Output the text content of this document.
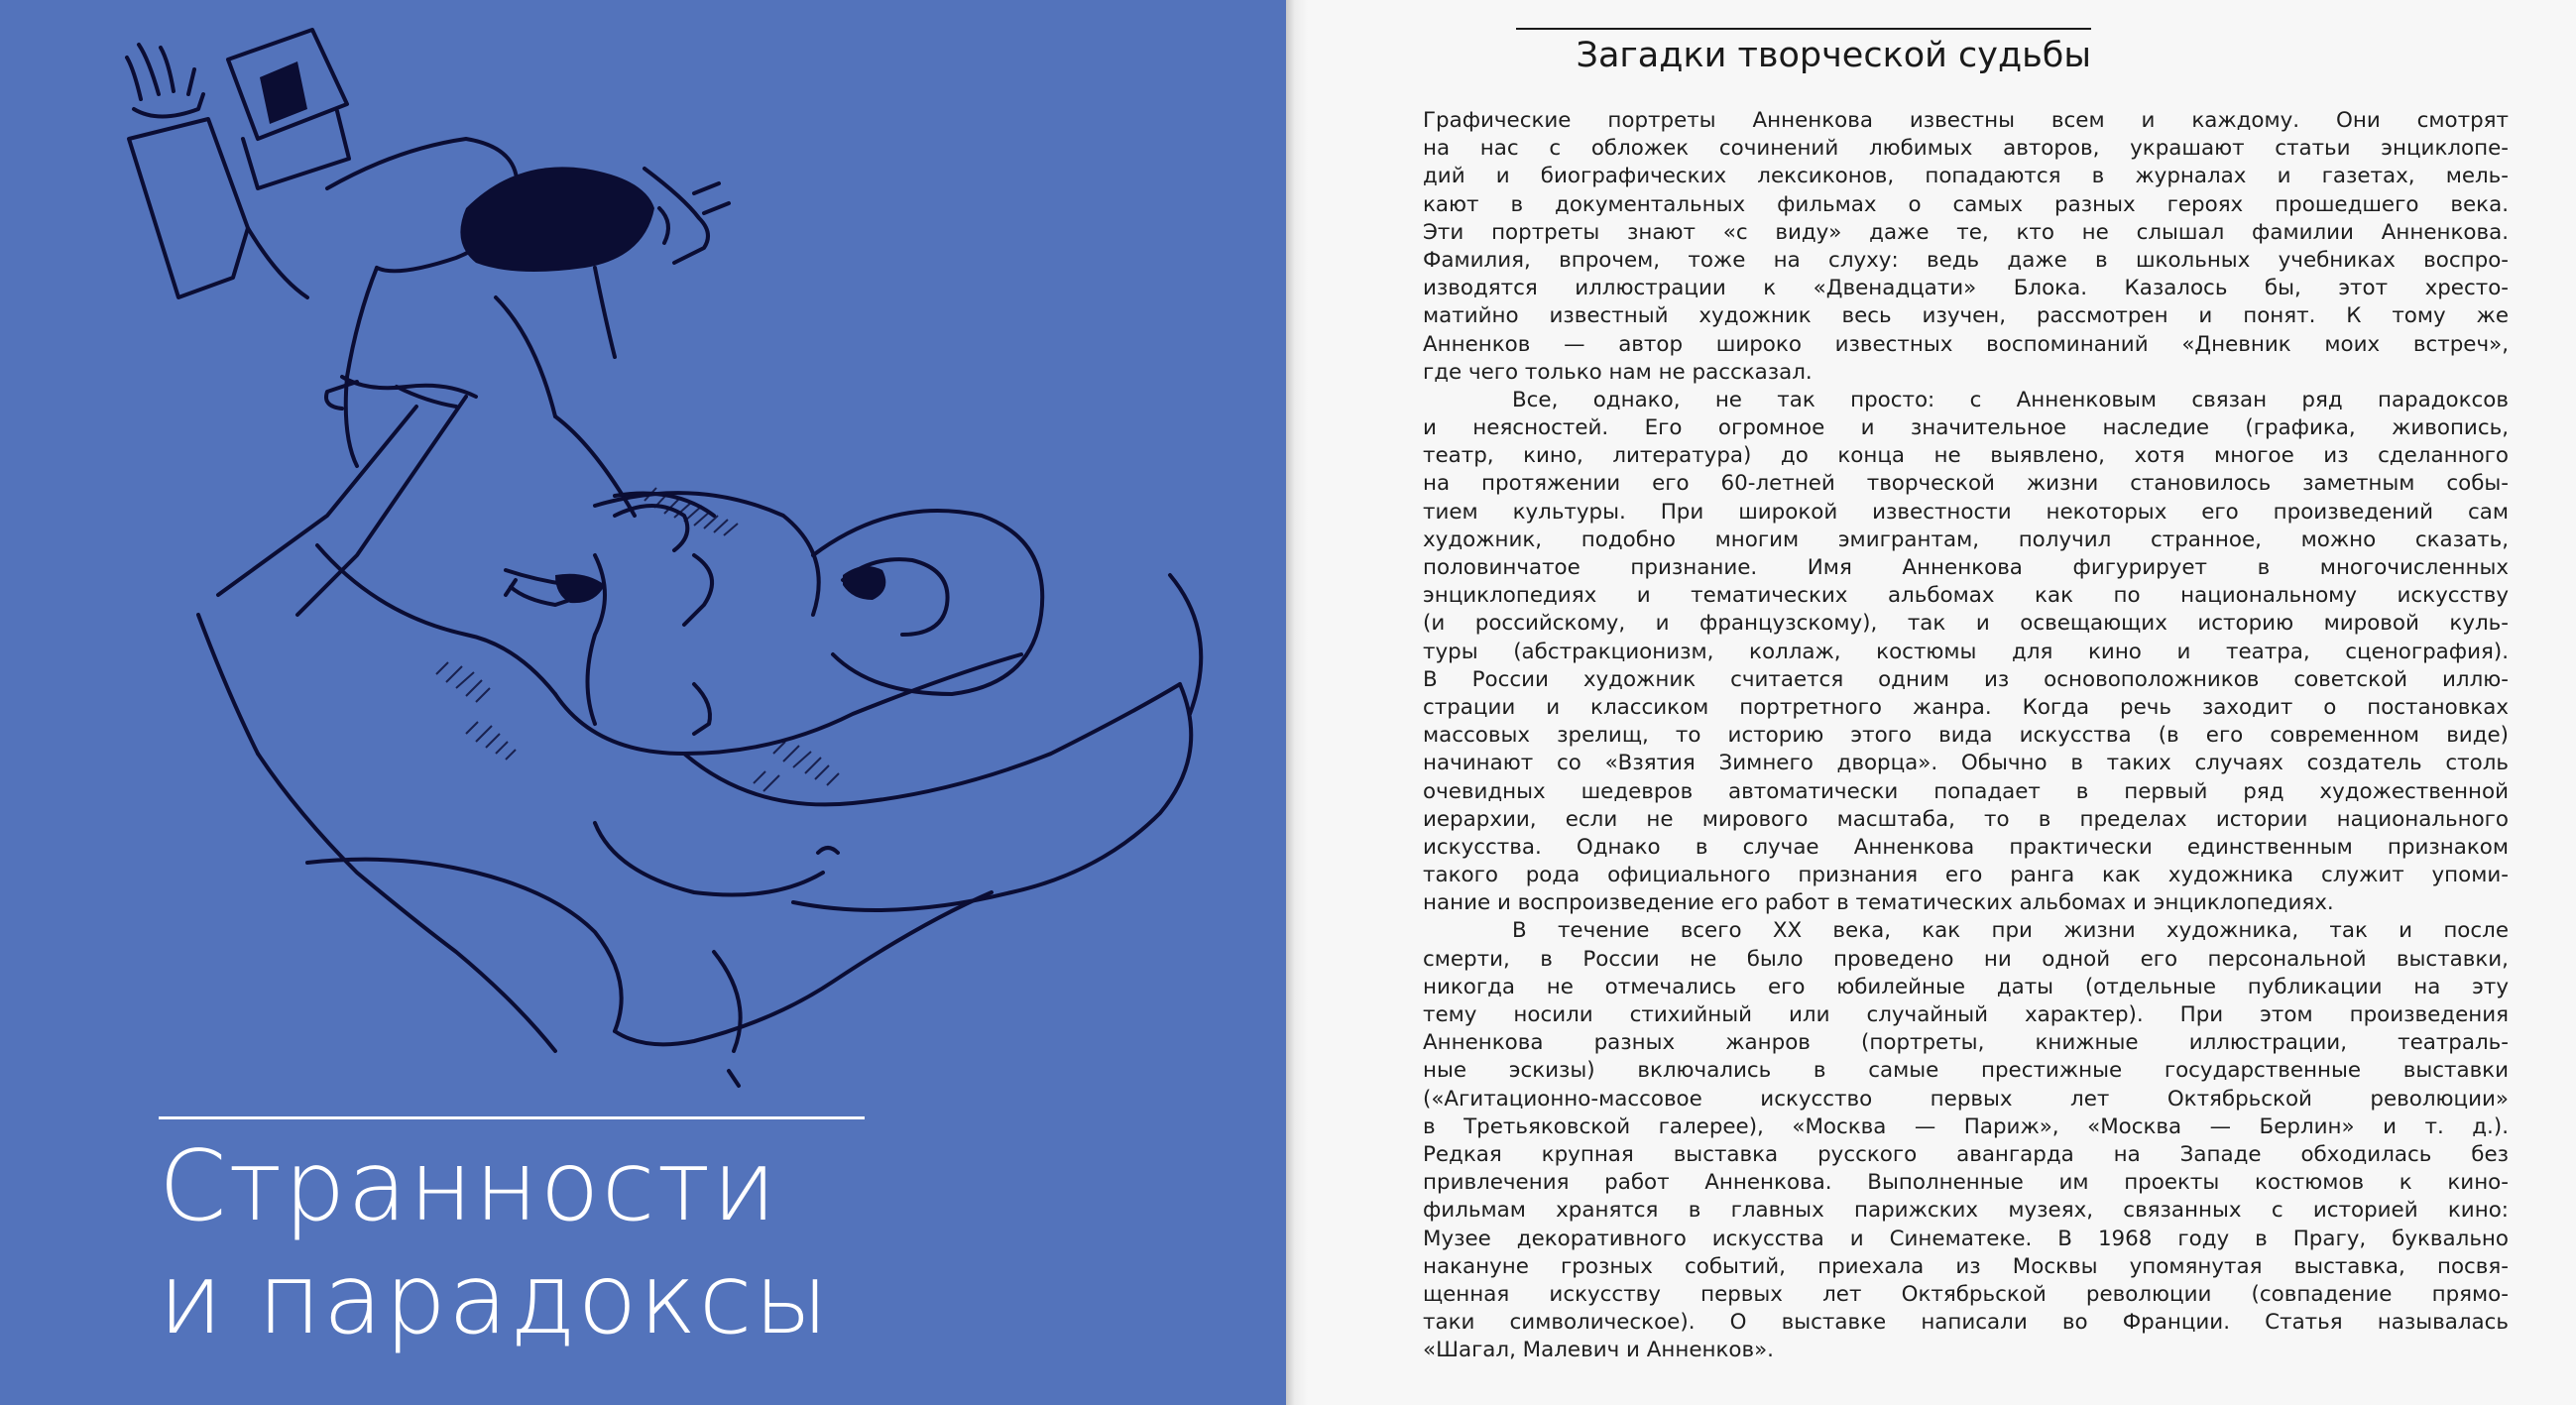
Странности
и парадоксы
Загадки творческой судьбы
Графические портреты Анненкова известны всем и каждому. Они смотрят
на нас с обложек сочинений любимых авторов, украшают статьи энциклопе-
дий и биографических лексиконов, попадаются в журналах и газетах, мель-
кают в документальных фильмах о самых разных героях прошедшего века.
Эти портреты знают «с виду» даже те, кто не слышал фамилии Анненкова.
Фамилия, впрочем, тоже на слуху: ведь даже в школьных учебниках воспро-
изводятся иллюстрации к «Двенадцати» Блока. Казалось бы, этот хресто-
матийно известный художник весь изучен, рассмотрен и понят. К тому же
Анненков — автор широко известных воспоминаний «Дневник моих встреч»,
где чего только нам не рассказал.
Все, однако, не так просто: с Анненковым связан ряд парадоксов
и неясностей. Его огромное и значительное наследие (графика, живопись,
театр, кино, литература) до конца не выявлено, хотя многое из сделанного
на протяжении его 60-летней творческой жизни становилось заметным собы-
тием культуры. При широкой известности некоторых его произведений сам
художник, подобно многим эмигрантам, получил странное, можно сказать,
половинчатое признание. Имя Анненкова фигурирует в многочисленных
энциклопедиях и тематических альбомах как по национальному искусству
(и российскому, и французскому), так и освещающих историю мировой куль-
туры (абстракционизм, коллаж, костюмы для кино и театра, сценография).
В России художник считается одним из основоположников советской иллю-
страции и классиком портретного жанра. Когда речь заходит о постановках
массовых зрелищ, то историю этого вида искусства (в его современном виде)
начинают со «Взятия Зимнего дворца». Обычно в таких случаях создатель столь
очевидных шедевров автоматически попадает в первый ряд художественной
иерархии, если не мирового масштаба, то в пределах истории национального
искусства. Однако в случае Анненкова практически единственным признаком
такого рода официального признания его ранга как художника служит упоми-
нание и воспроизведение его работ в тематических альбомах и энциклопедиях.
В течение всего XX века, как при жизни художника, так и после
смерти, в России не было проведено ни одной его персональной выставки,
никогда не отмечались его юбилейные даты (отдельные публикации на эту
тему носили стихийный или случайный характер). При этом произведения
Анненкова разных жанров (портреты, книжные иллюстрации, театраль-
ные эскизы) включались в самые престижные государственные выставки
(«Агитационно-массовое искусство первых лет Октябрьской революции»
в Третьяковской галерее), «Москва — Париж», «Москва — Берлин» и т. д.).
Редкая крупная выставка русского авангарда на Западе обходилась без
привлечения работ Анненкова. Выполненные им проекты костюмов к кино-
фильмам хранятся в главных парижских музеях, связанных с историей кино:
Музее декоративного искусства и Синематеке. В 1968 году в Прагу, буквально
накануне грозных событий, приехала из Москвы упомянутая выставка, посвя-
щенная искусству первых лет Октябрьской революции (совпадение прямо-
таки символическое). О выставке написали во Франции. Статья называлась
«Шагал, Малевич и Анненков».
